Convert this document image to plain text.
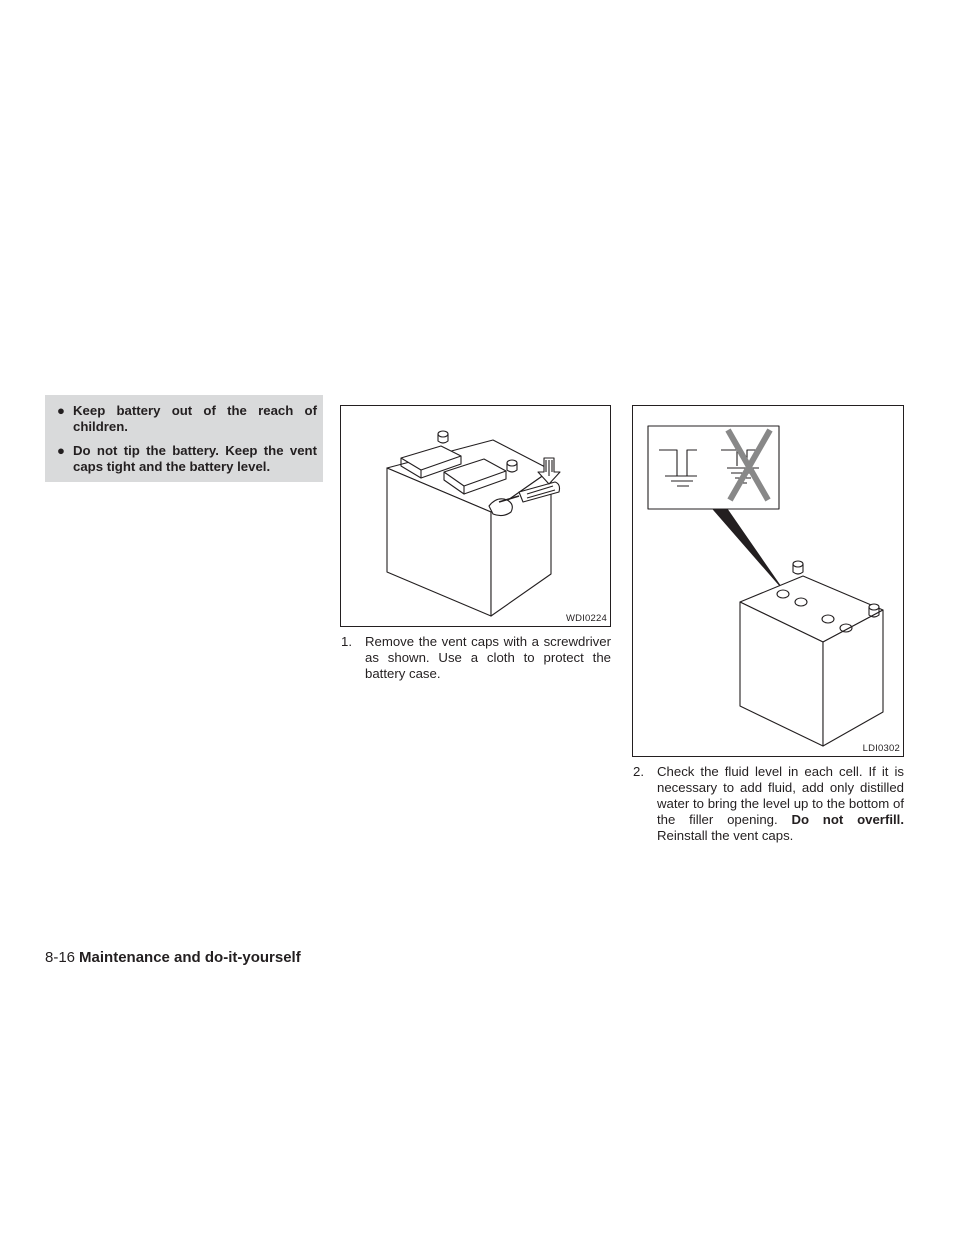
● Keep battery out of the reach of children.
● Do not tip the battery. Keep the vent caps tight and the battery level.
WDI0224
LDI0302
1. Remove the vent caps with a screwdriver as shown. Use a cloth to protect the battery case.
2. Check the fluid level in each cell. If it is necessary to add fluid, add only distilled water to bring the level up to the bottom of the filler opening. Do not overfill. Reinstall the vent caps.
8-16 Maintenance and do-it-yourself
